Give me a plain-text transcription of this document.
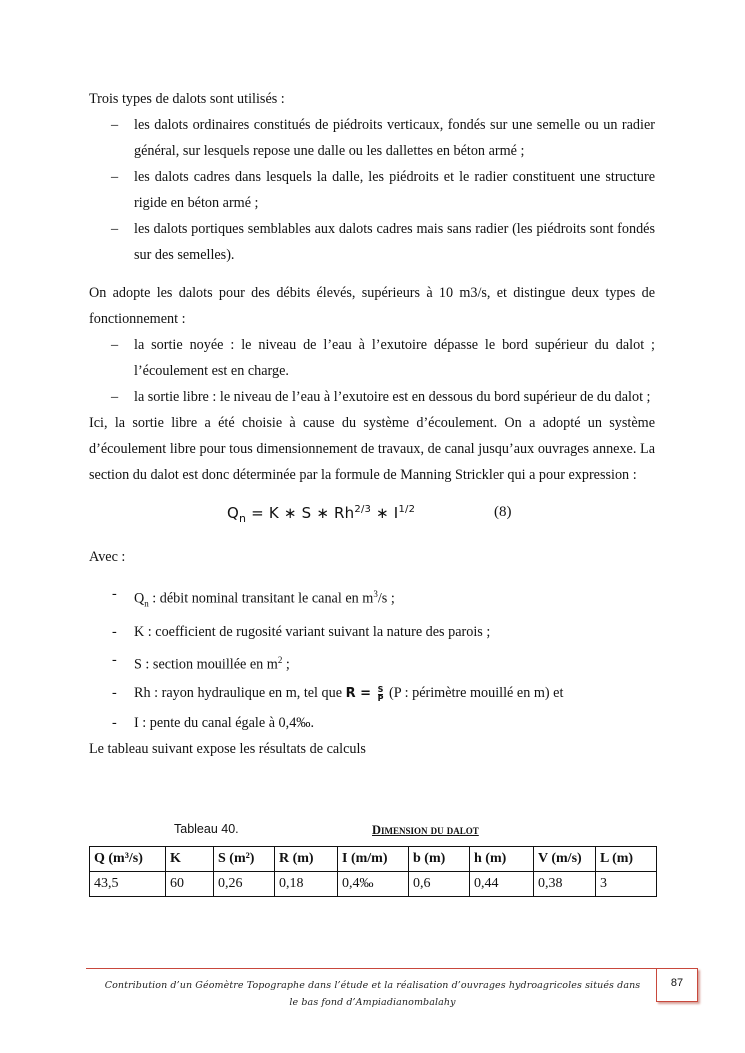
Trois types de dalots sont utilisés :

– les dalots ordinaires constitués de piédroits verticaux, fondés sur une semelle ou un radier général, sur lesquels repose une dalle ou les dallettes en béton armé ;
– les dalots cadres dans lesquels la dalle, les piédroits et le radier constituent une structure rigide en béton armé ;
– les dalots portiques semblables aux dalots cadres mais sans radier (les piédroits sont fondés sur des semelles).

On adopte les dalots pour des débits élevés, supérieurs à 10 m3/s, et distingue deux types de fonctionnement :

– la sortie noyée : le niveau de l’eau à l’exutoire dépasse le bord supérieur du dalot ; l’écoulement est en charge.
– la sortie libre : le niveau de l’eau à l’exutoire est en dessous du bord supérieur de du dalot ;

Ici, la sortie libre a été choisie à cause du système d’écoulement. On a adopté un système d’écoulement libre pour tous dimensionnement de travaux, de canal jusqu’aux ouvrages annexe. La section du dalot est donc déterminée par la formule de Manning Strickler qui a pour expression :

$Q_n = K$ ∗ S ∗ $Rh^{2/3}$ ∗ $I^{1/2}$	(8)

Avec :

- $Q_n$ : débit nominal transitant le canal en $m^3/s$ ;
- K : coefficient de rugosité variant suivant la nature des parois ;
- S : section mouillée en $m^2$ ;
- Rh : rayon hydraulique en m, tel que $R = \frac{S}{P} (P$ : périmètre mouillé en m) et
- I : pente du canal égale à 0,4‰.

Le tableau suivant expose les résultats de calculs

Tableau 40.	Dimension du dalot
Q (m³/s)	K	S (m²)	R (m)	I (m/m)	b (m)	h (m)	V (m/s)	L (m)
43,5	60	0,26	0,18	0,4‰	0,6	0,44	0,38	3
Contribution d’un Géomètre Topographe dans l’étude et la réalisation d’ouvrages hydroagricoles situés dans le bas fond d’Ampiadianombalahy
87
